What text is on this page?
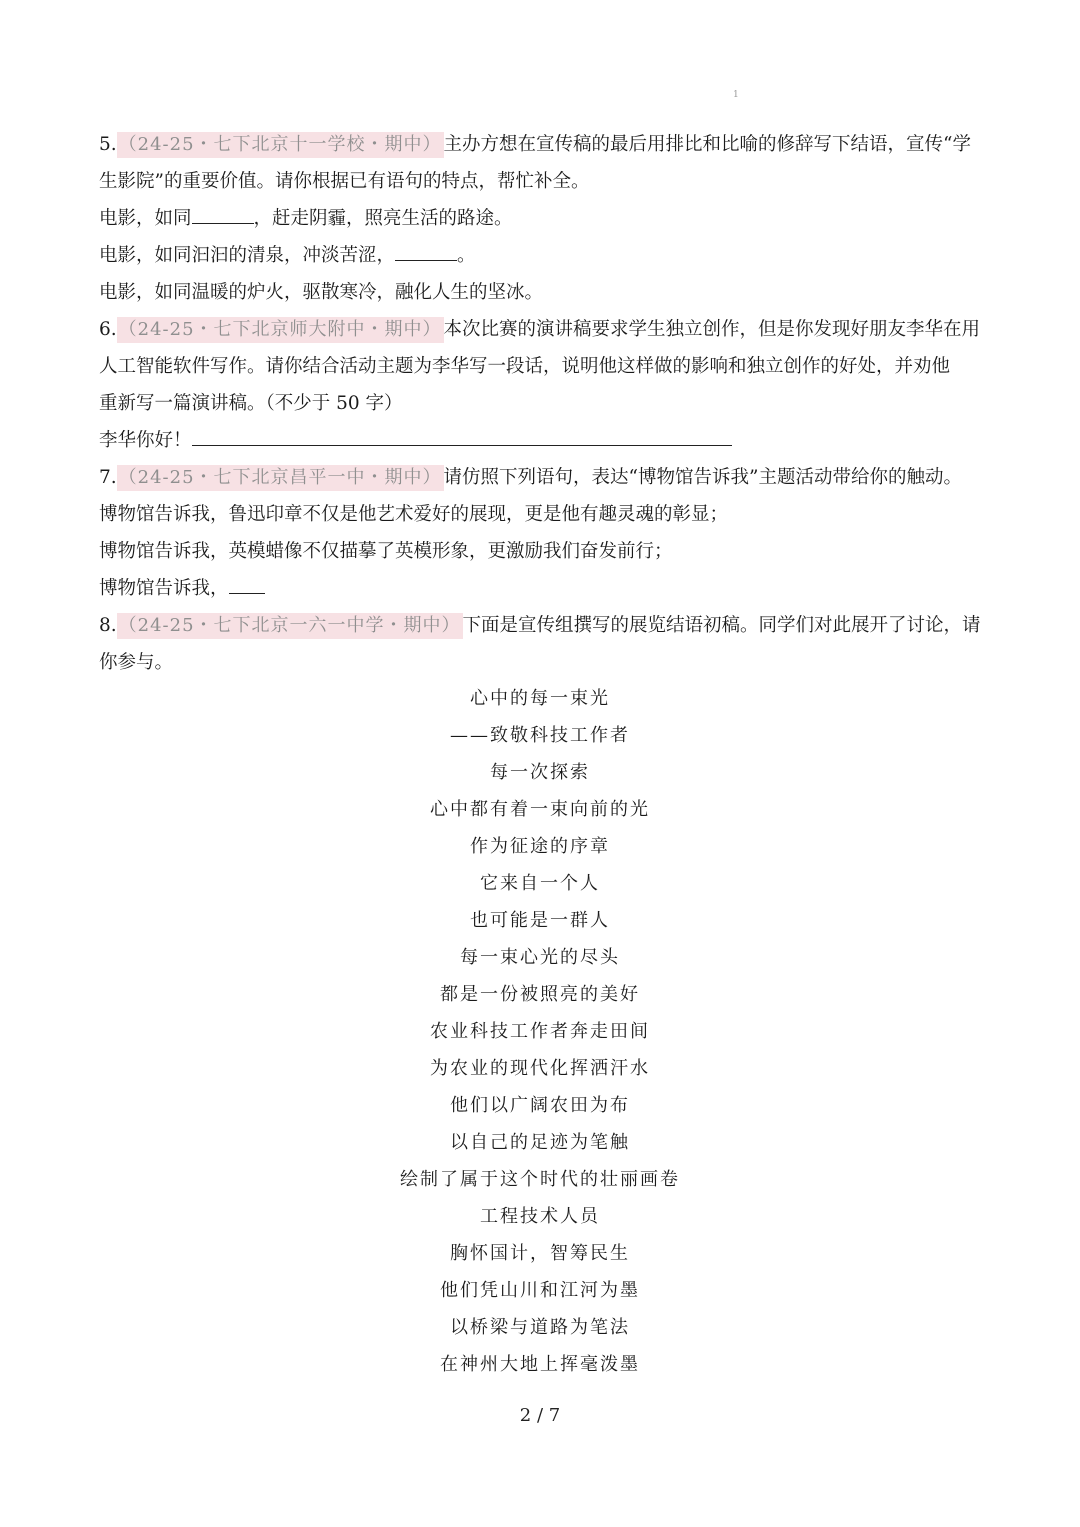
1
5. （24-25・七下北京十一学校・期中） 主办方想在宣传稿的最后用排比和比喻的修辞写下结语，宣传“学
生影院”的重要价值。请你根据已有语句的特点，帮忙补全。
电影，如同	，赶走阴霾，照亮生活的路途。
电影，如同汩汩的清泉，冲淡苦涩，	。
电影，如同温暖的炉火，驱散寒冷，融化人生的坚冰。
6. （24-25・七下北京师大附中・期中） 本次比赛的演讲稿要求学生独立创作，但是你发现好朋友李华在用
人工智能软件写作。请你结合活动主题为李华写一段话，说明他这样做的影响和独立创作的好处，并劝他
重新写一篇演讲稿。（不少于 50 字）
李华你好！
7. （24-25・七下北京昌平一中・期中） 请仿照下列语句，表达“博物馆告诉我”主题活动带给你的触动。
博物馆告诉我，鲁迅印章不仅是他艺术爱好的展现，更是他有趣灵魂的彰显；
博物馆告诉我，英模蜡像不仅描摹了英模形象，更激励我们奋发前行；
博物馆告诉我，
8. （24-25・七下北京一六一中学・期中） 下面是宣传组撰写的展览结语初稿。同学们对此展开了讨论，请
你参与。
心中的每一束光
——致敬科技工作者
每一次探索
心中都有着一束向前的光
作为征途的序章
它来自一个人
也可能是一群人
每一束心光的尽头
都是一份被照亮的美好
农业科技工作者奔走田间
为农业的现代化挥洒汗水
他们以广阔农田为布
以自己的足迹为笔触
绘制了属于这个时代的壮丽画卷
工程技术人员
胸怀国计，智筹民生
他们凭山川和江河为墨
以桥梁与道路为笔法
在神州大地上挥毫泼墨
2 / 7
